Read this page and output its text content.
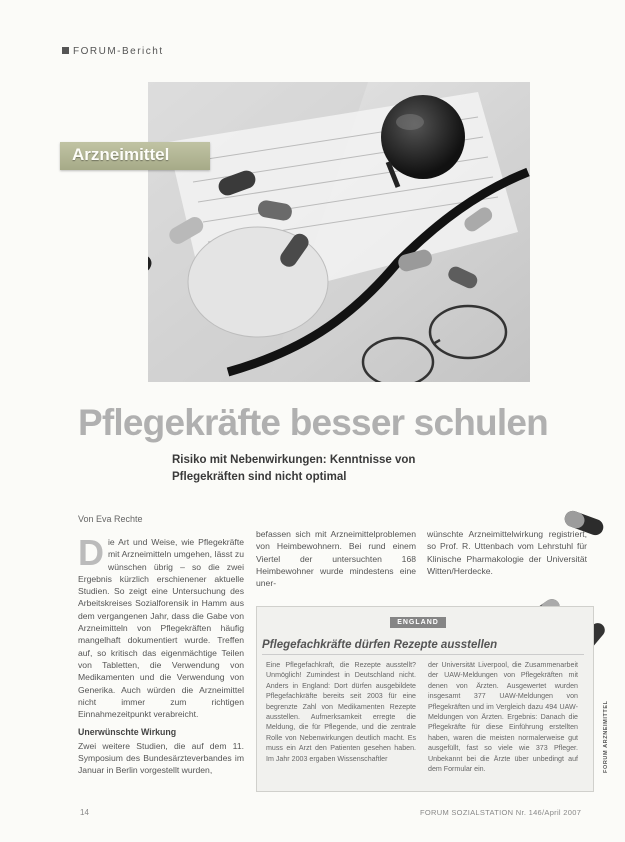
FORUM-Bericht
Arzneimittel
Pflegekräfte besser schulen
Risiko mit Nebenwirkungen: Kenntnisse von Pflegekräften sind nicht optimal
Von Eva Rechte

Die Art und Weise, wie Pflegekräfte mit Arzneimitteln umgehen, lässt zu wünschen übrig – so die zwei Ergebnis kürzlich erschienener aktuelle Studien. So zeigt eine Untersuchung des Arbeitskreises Sozialforensik in Hamm aus dem vergangenen Jahr, dass die Gabe von Arzneimitteln von Pflegekräften häufig mangelhaft dokumentiert wurde. Treffen auf, so kritisch das eigenmächtige Teilen von Tabletten, die Verwendung von Medikamenten und die Verwendung von Generika. Auch würden die Arzneimittel nicht immer zum richtigen Einnahmezeitpunkt verabreicht.

Unerwünschte Wirkung

Zwei weitere Studien, die auf dem 11. Symposium des Bundesärzteverbandes im Januar in Berlin vorgestellt wurden,

befassen sich mit Arzneimittelproblemen von Heimbewohnern. Bei rund einem Viertel der untersuchten 168 Heimbewohner wurde mindestens eine uner-

wünschte Arzneimittelwirkung registriert, so Prof. R. Uttenbach vom Lehrstuhl für Klinische Pharmakologie der Universität Witten/Herdecke.

ENGLAND
Pflegefachkräfte dürfen Rezepte ausstellen

Eine Pflegefachkraft, die Rezepte ausstellt? Unmöglich! Zumindest in Deutschland nicht. Anders in England: Dort dürfen ausgebildete Pflegefachkräfte bereits seit 2003 für eine begrenzte Zahl von Medikamenten Rezepte ausstellen. Aufmerksamkeit erregte die Meldung, die für Pflegende, und die zentrale Rolle von Nebenwirkungen deutlich macht. Es muss ein Arzt den Patienten gesehen haben. Im Jahr 2003 ergaben Wissenschaftler

der Universität Liverpool, die Zusammenarbeit der UAW-Meldungen von Pflegekräften mit denen von Ärzten. Ausgewertet wurden insgesamt 377 UAW-Meldungen von Pflegekräften und im Vergleich dazu 494 UAW-Meldungen von Ärzten. Ergebnis: Danach die Pflegekräfte für diese Einführung erstellten haben, waren die meisten normalerweise gut ausgefüllt, fast so viele wie 373 Pfleger. Unbekannt bei die Ärzte über unbedingt auf dem Formular ein.	FORUM ARZNEIMITTEL
14	FORUM SOZIALSTATION Nr. 146/April 2007
